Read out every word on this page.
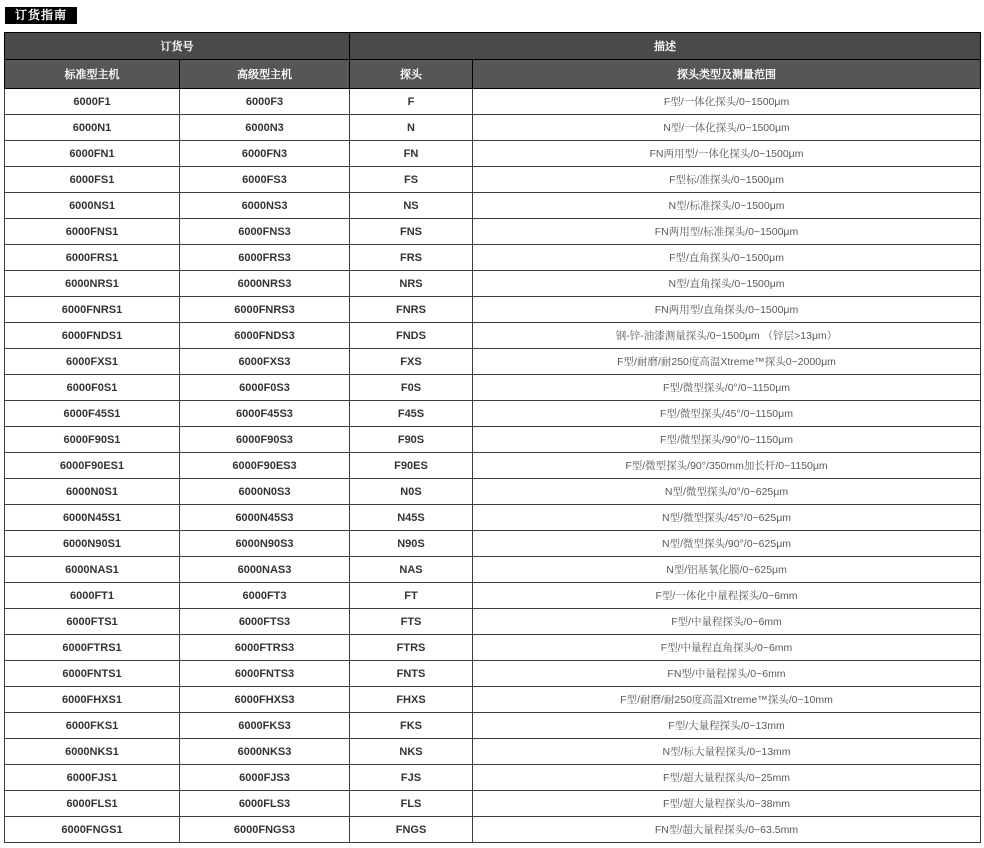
订货指南
订货号		描述	
标准型主机	高级型主机	探头	探头类型及测量范围
6000F1	6000F3	F	F型/一体化探头/0~1500μm
6000N1	6000N3	N	N型/一体化探头/0~1500μm
6000FN1	6000FN3	FN	FN两用型/一体化探头/0~1500μm
6000FS1	6000FS3	FS	F型标/准探头/0~1500μm
6000NS1	6000NS3	NS	N型/标准探头/0~1500μm
6000FNS1	6000FNS3	FNS	FN两用型/标准探头/0~1500μm
6000FRS1	6000FRS3	FRS	F型/直角探头/0~1500μm
6000NRS1	6000NRS3	NRS	N型/直角探头/0~1500μm
6000FNRS1	6000FNRS3	FNRS	FN两用型/直角探头/0~1500μm
6000FNDS1	6000FNDS3	FNDS	钢-锌-油漆测量探头/0~1500μm （锌层>13μm）
6000FXS1	6000FXS3	FXS	F型/耐磨/耐250度高温Xtreme™探头0~2000μm
6000F0S1	6000F0S3	F0S	F型/微型探头/0°/0~1150μm
6000F45S1	6000F45S3	F45S	F型/微型探头/45°/0~1150μm
6000F90S1	6000F90S3	F90S	F型/微型探头/90°/0~1150μm
6000F90ES1	6000F90ES3	F90ES	F型/微型探头/90°/350mm加长杆/0~1150μm
6000N0S1	6000N0S3	N0S	N型/微型探头/0°/0~625μm
6000N45S1	6000N45S3	N45S	N型/微型探头/45°/0~625μm
6000N90S1	6000N90S3	N90S	N型/微型探头/90°/0~625μm
6000NAS1	6000NAS3	NAS	N型/铝基氧化膜/0~625μm
6000FT1	6000FT3	FT	F型/一体化中量程探头/0~6mm
6000FTS1	6000FTS3	FTS	F型/中量程探头/0~6mm
6000FTRS1	6000FTRS3	FTRS	F型/中量程直角探头/0~6mm
6000FNTS1	6000FNTS3	FNTS	FN型/中量程探头/0~6mm
6000FHXS1	6000FHXS3	FHXS	F型/耐磨/耐250度高温Xtreme™探头/0~10mm
6000FKS1	6000FKS3	FKS	F型/大量程探头/0~13mm
6000NKS1	6000NKS3	NKS	N型/标大量程探头/0~13mm
6000FJS1	6000FJS3	FJS	F型/超大量程探头/0~25mm
6000FLS1	6000FLS3	FLS	F型/超大量程探头/0~38mm
6000FNGS1	6000FNGS3	FNGS	FN型/超大量程探头/0~63.5mm
